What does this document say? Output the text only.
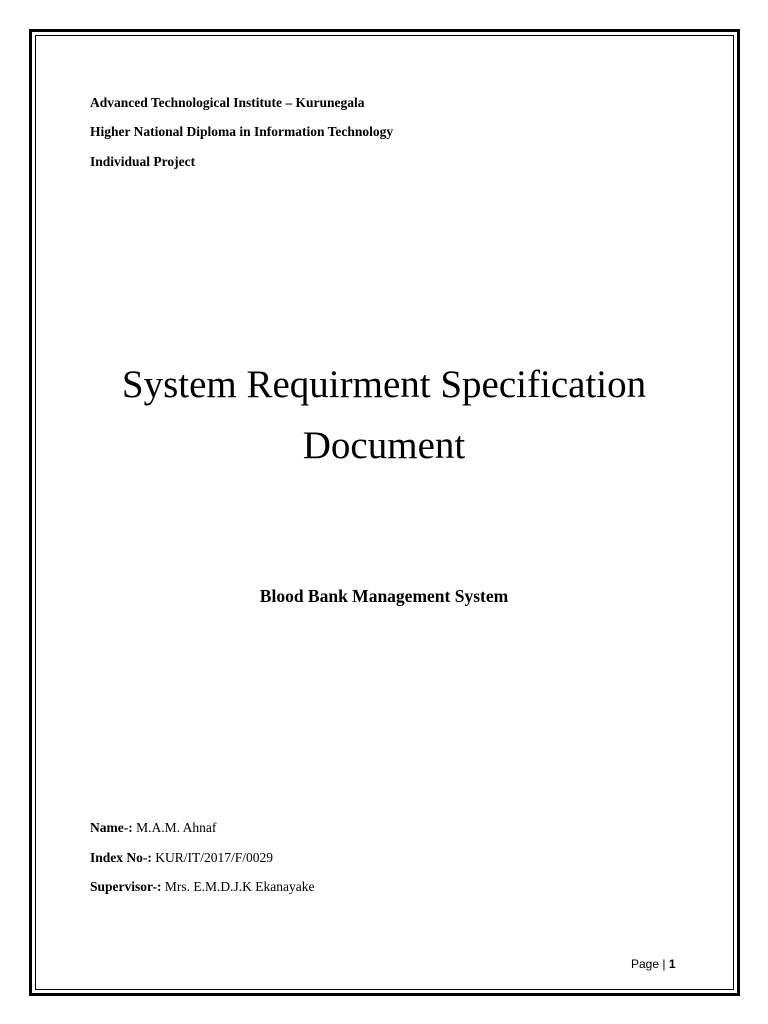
Advanced Technological Institute – Kurunegala
Higher National Diploma in Information Technology
Individual Project
System Requirment Specification
Document
Blood Bank Management System
Name-: M.A.M. Ahnaf
Index No-: KUR/IT/2017/F/0029
Supervisor-: Mrs. E.M.D.J.K Ekanayake
Page | 1
